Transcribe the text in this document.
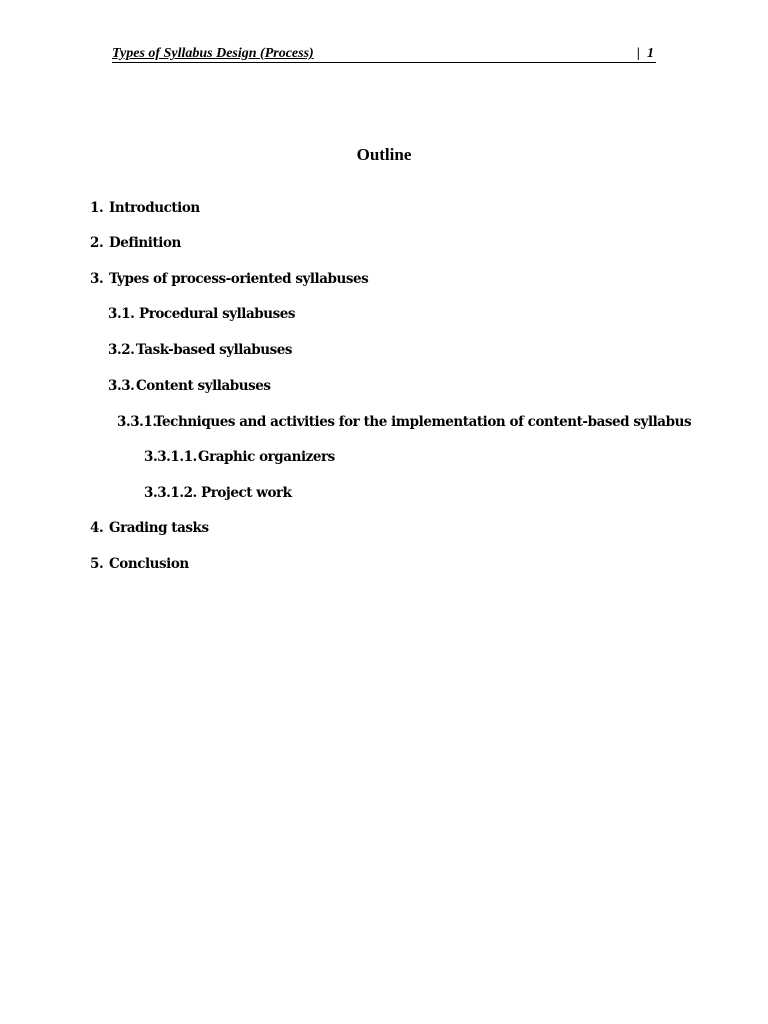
Types of Syllabus Design (Process)	|  1
Outline
1. Introduction
2. Definition
3. Types of process-oriented syllabuses
3.1. Procedural syllabuses
3.2. Task-based syllabuses
3.3. Content syllabuses
3.3.1.Techniques and activities for the implementation of content-based syllabus
3.3.1.1.Graphic organizers
3.3.1.2. Project work
4. Grading tasks
5. Conclusion
